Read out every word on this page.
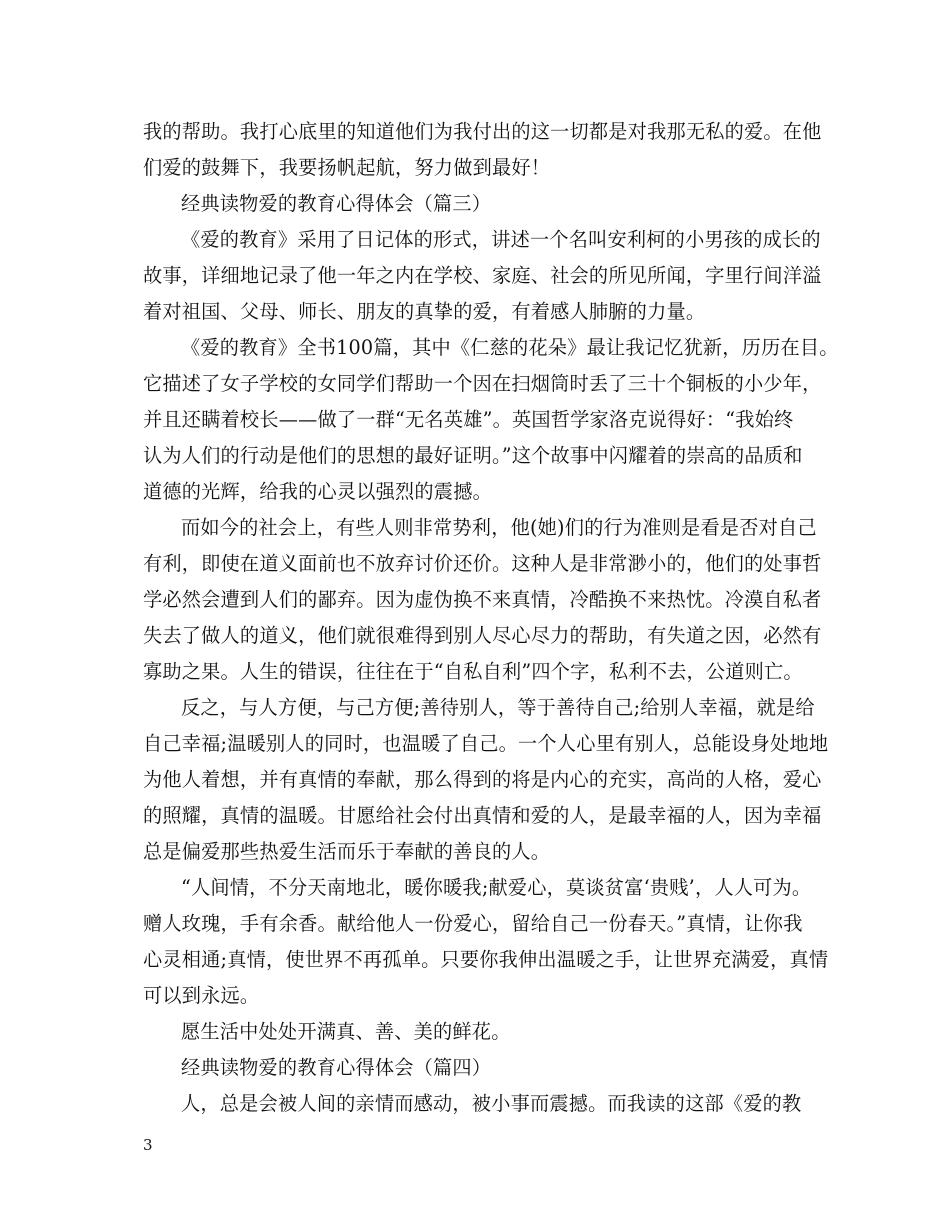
我的帮助。我打心底里的知道他们为我付出的这一切都是对我那无私的爱。在他
们爱的鼓舞下，我要扬帆起航，努力做到最好！
经典读物爱的教育心得体会（篇三）
《爱的教育》采用了日记体的形式，讲述一个名叫安利柯的小男孩的成长的
故事，详细地记录了他一年之内在学校、家庭、社会的所见所闻，字里行间洋溢
着对祖国、父母、师长、朋友的真挚的爱，有着感人肺腑的力量。
《爱的教育》全书100篇，其中《仁慈的花朵》最让我记忆犹新，历历在目。
它描述了女子学校的女同学们帮助一个因在扫烟筒时丢了三十个铜板的小少年，
并且还瞒着校长——做了一群“无名英雄”。英国哲学家洛克说得好：“我始终
认为人们的行动是他们的思想的最好证明。”这个故事中闪耀着的崇高的品质和
道德的光辉，给我的心灵以强烈的震撼。
而如今的社会上，有些人则非常势利，他(她)们的行为准则是看是否对自己
有利，即使在道义面前也不放弃讨价还价。这种人是非常渺小的，他们的处事哲
学必然会遭到人们的鄙弃。因为虚伪换不来真情，冷酷换不来热忱。冷漠自私者
失去了做人的道义，他们就很难得到别人尽心尽力的帮助，有失道之因，必然有
寡助之果。人生的错误，往往在于“自私自利”四个字，私利不去，公道则亡。
反之，与人方便，与己方便;善待别人，等于善待自己;给别人幸福，就是给
自己幸福;温暖别人的同时，也温暖了自己。一个人心里有别人，总能设身处地地
为他人着想，并有真情的奉献，那么得到的将是内心的充实，高尚的人格，爱心
的照耀，真情的温暖。甘愿给社会付出真情和爱的人，是最幸福的人，因为幸福
总是偏爱那些热爱生活而乐于奉献的善良的人。
“人间情，不分天南地北，暖你暖我;献爱心，莫谈贫富‘贵贱’，人人可为。
赠人玫瑰，手有余香。献给他人一份爱心，留给自己一份春天。”真情，让你我
心灵相通;真情，使世界不再孤单。只要你我伸出温暖之手，让世界充满爱，真情
可以到永远。
愿生活中处处开满真、善、美的鲜花。
经典读物爱的教育心得体会（篇四）
人，总是会被人间的亲情而感动，被小事而震撼。而我读的这部《爱的教
3
